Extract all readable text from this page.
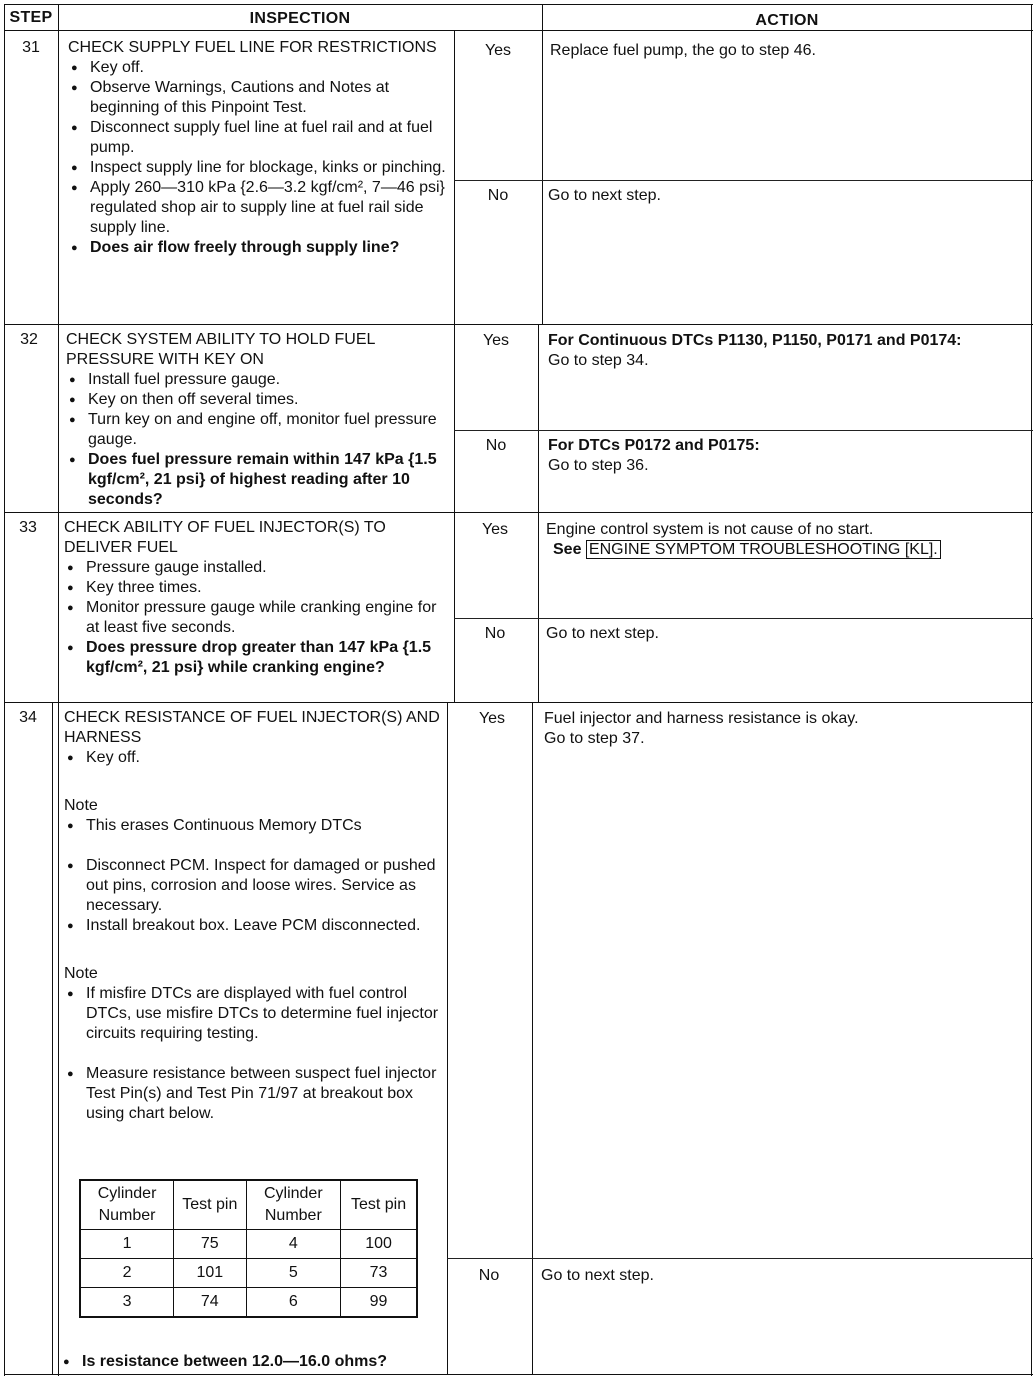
STEP	INSPECTION	ACTION
31	CHECK SUPPLY FUEL LINE FOR RESTRICTIONS
● Key off.
● Observe Warnings, Cautions and Notes at beginning of this Pinpoint Test.
● Disconnect supply fuel line at fuel rail and at fuel pump.
● Inspect supply line for blockage, kinks or pinching.
● Apply 260—310 kPa {2.6—3.2 kgf/cm², 7—46 psi} regulated shop air to supply line at fuel rail side supply line.
● Does air flow freely through supply line?
Yes	Replace fuel pump, the go to step 46.
No	Go to next step.
32	CHECK SYSTEM ABILITY TO HOLD FUEL PRESSURE WITH KEY ON
● Install fuel pressure gauge.
● Key on then off several times.
● Turn key on and engine off, monitor fuel pressure gauge.
● Does fuel pressure remain within 147 kPa {1.5 kgf/cm², 21 psi} of highest reading after 10 seconds?
Yes	For Continuous DTCs P1130, P1150, P0171 and P0174:
Go to step 34.
No	For DTCs P0172 and P0175:
Go to step 36.
33	CHECK ABILITY OF FUEL INJECTOR(S) TO DELIVER FUEL
● Pressure gauge installed.
● Key three times.
● Monitor pressure gauge while cranking engine for at least five seconds.
● Does pressure drop greater than 147 kPa {1.5 kgf/cm², 21 psi} while cranking engine?
Yes	Engine control system is not cause of no start.
See ENGINE SYMPTOM TROUBLESHOOTING [KL].
No	Go to next step.
34	CHECK RESISTANCE OF FUEL INJECTOR(S) AND HARNESS
● Key off.
Note
● This erases Continuous Memory DTCs
● Disconnect PCM. Inspect for damaged or pushed out pins, corrosion and loose wires. Service as necessary.
● Install breakout box. Leave PCM disconnected.
Note
● If misfire DTCs are displayed with fuel control DTCs, use misfire DTCs to determine fuel injector circuits requiring testing.
● Measure resistance between suspect fuel injector Test Pin(s) and Test Pin 71/97 at breakout box using chart below.
Cylinder Number	Test pin	Cylinder Number	Test pin
1	75	4	100
2	101	5	73
3	74	6	99
● Is resistance between 12.0—16.0 ohms?
Yes	Fuel injector and harness resistance is okay.
Go to step 37.
No	Go to next step.
